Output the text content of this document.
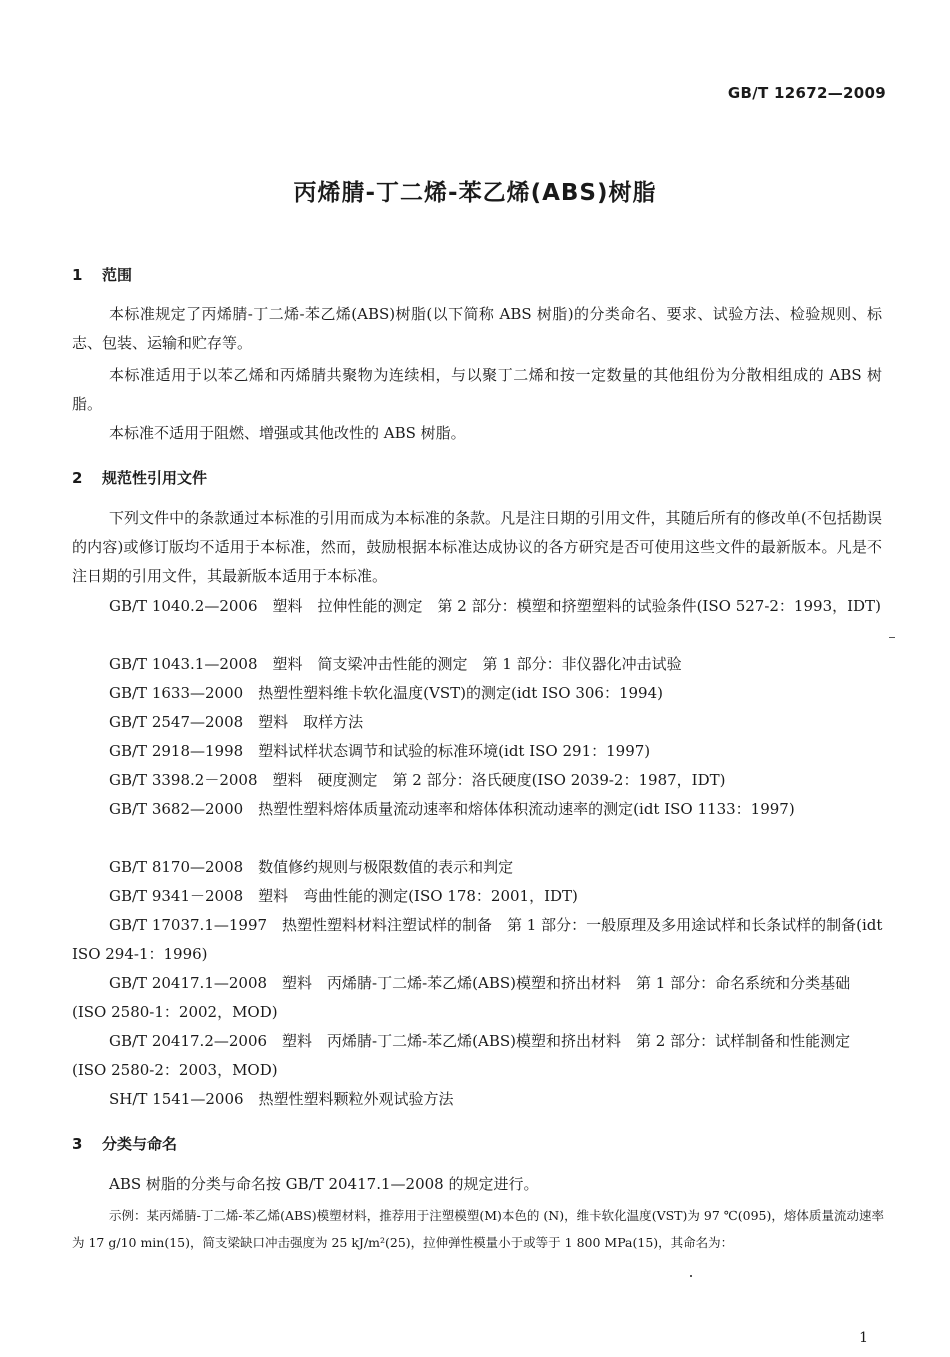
GB/T 12672—2009
丙烯腈-丁二烯-苯乙烯(ABS)树脂
1 范围
本标准规定了丙烯腈-丁二烯-苯乙烯(ABS)树脂(以下简称 ABS 树脂)的分类命名、要求、试验方法、检验规则、标志、包装、运输和贮存等。
本标准适用于以苯乙烯和丙烯腈共聚物为连续相，与以聚丁二烯和按一定数量的其他组份为分散相组成的 ABS 树脂。
本标准不适用于阻燃、增强或其他改性的 ABS 树脂。
2 规范性引用文件
下列文件中的条款通过本标准的引用而成为本标准的条款。凡是注日期的引用文件，其随后所有的修改单(不包括勘误的内容)或修订版均不适用于本标准，然而，鼓励根据本标准达成协议的各方研究是否可使用这些文件的最新版本。凡是不注日期的引用文件，其最新版本适用于本标准。
GB/T 1040.2—2006　塑料　拉伸性能的测定　第 2 部分：模塑和挤塑塑料的试验条件(ISO 527-2：1993，IDT)
GB/T 1043.1—2008　塑料　简支梁冲击性能的测定　第 1 部分：非仪器化冲击试验
GB/T 1633—2000　热塑性塑料维卡软化温度(VST)的测定(idt ISO 306：1994)
GB/T 2547—2008　塑料　取样方法
GB/T 2918—1998　塑料试样状态调节和试验的标准环境(idt ISO 291：1997)
GB/T 3398.2－2008　塑料　硬度测定　第 2 部分：洛氏硬度(ISO 2039-2：1987，IDT)
GB/T 3682—2000　热塑性塑料熔体质量流动速率和熔体体积流动速率的测定(idt ISO 1133：1997)
GB/T 8170—2008　数值修约规则与极限数值的表示和判定
GB/T 9341－2008　塑料　弯曲性能的测定(ISO 178：2001，IDT)
GB/T 17037.1—1997　热塑性塑料材料注塑试样的制备　第 1 部分：一般原理及多用途试样和长条试样的制备(idt ISO 294-1：1996)
GB/T 20417.1—2008　塑料　丙烯腈-丁二烯-苯乙烯(ABS)模塑和挤出材料　第 1 部分：命名系统和分类基础 (ISO 2580-1：2002，MOD)
GB/T 20417.2—2006　塑料　丙烯腈-丁二烯-苯乙烯(ABS)模塑和挤出材料　第 2 部分：试样制备和性能测定(ISO 2580-2：2003，MOD)
SH/T 1541—2006　热塑性塑料颗粒外观试验方法
3 分类与命名
ABS 树脂的分类与命名按 GB/T 20417.1—2008 的规定进行。
示例：某丙烯腈-丁二烯-苯乙烯(ABS)模塑材料，推荐用于注塑模塑(M)本色的 (N)，维卡软化温度(VST)为 97 ℃(095)，熔体质量流动速率为 17 g/10 min(15)，简支梁缺口冲击强度为 25 kJ/m²(25)，拉伸弹性模量小于或等于 1 800 MPa(15)，其命名为：
1
